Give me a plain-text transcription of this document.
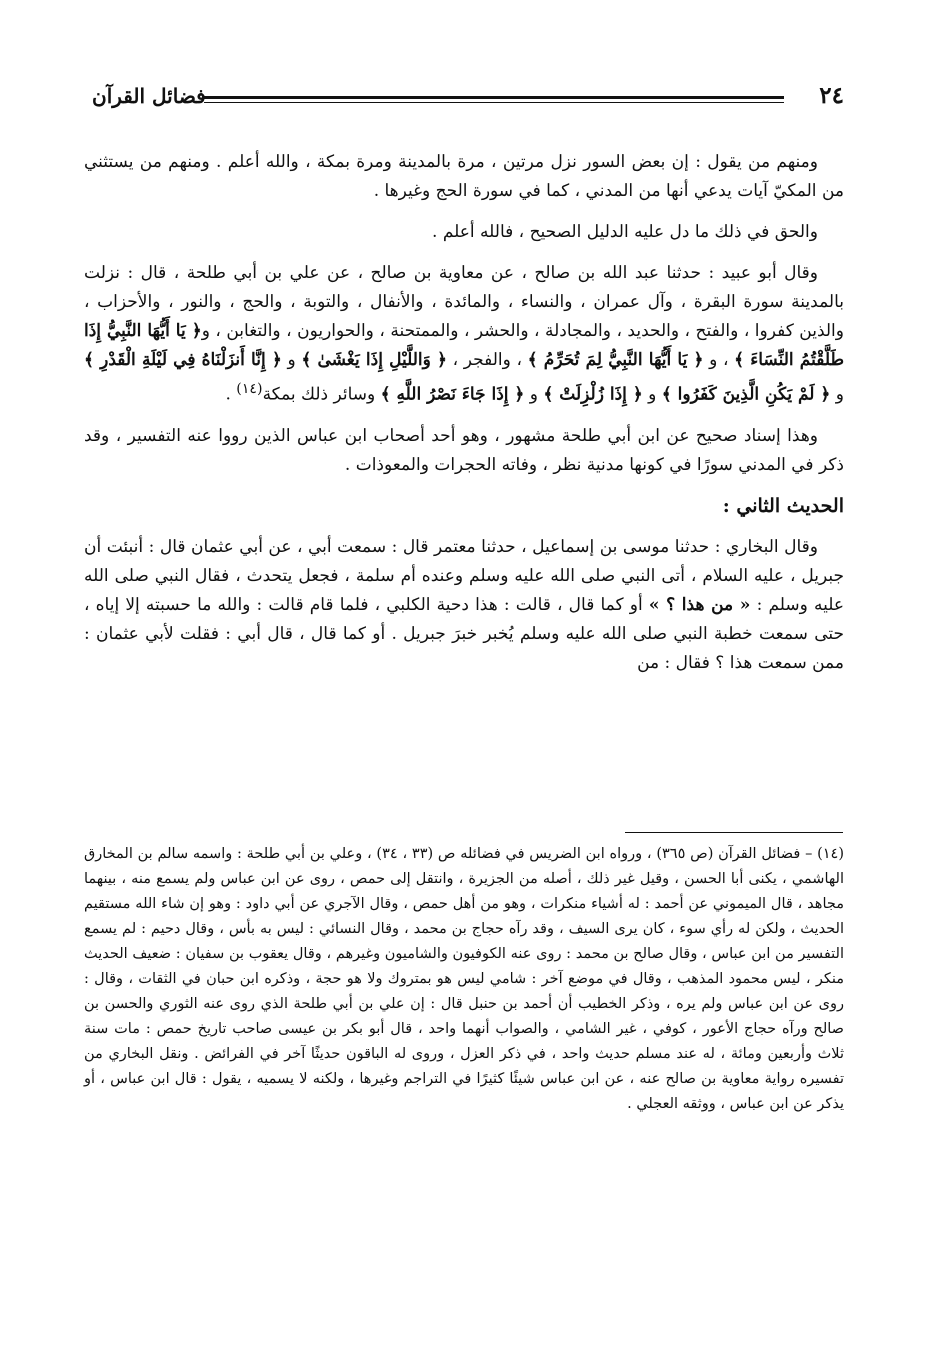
فضائل القرآن	٢٤

ومنهم من يقول : إن بعض السور نزل مرتين ، مرة بالمدينة ومرة بمكة ، والله أعلم . ومنهم من يستثني من المكيّ آيات يدعي أنها من المدني ، كما في سورة الحج وغيرها .

والحق في ذلك ما دل عليه الدليل الصحيح ، فالله أعلم .

وقال أبو عبيد : حدثنا عبد الله بن صالح ، عن معاوية بن صالح ، عن علي بن أبي طلحة ، قال : نزلت بالمدينة سورة البقرة ، وآل عمران ، والنساء ، والمائدة ، والأنفال ، والتوبة ، والحج ، والنور ، والأحزاب ، والذين كفروا ، والفتح ، والحديد ، والمجادلة ، والحشر ، والممتحنة ، والحواريون ، والتغابن ، و﴿ يَا أَيُّهَا النَّبِيُّ إِذَا طَلَّقْتُمُ النِّسَاءَ ﴾ ، و ﴿ يَا أَيُّهَا النَّبِيُّ لِمَ تُحَرِّمُ ﴾ ، والفجر ، ﴿ وَاللَّيْلِ إِذَا يَغْشَىٰ ﴾ و ﴿ إِنَّا أَنزَلْنَاهُ فِي لَيْلَةِ الْقَدْرِ ﴾ و ﴿ لَمْ يَكُنِ الَّذِينَ كَفَرُوا ﴾ و ﴿ إِذَا زُلْزِلَتْ ﴾ و ﴿ إِذَا جَاءَ نَصْرُ اللَّهِ ﴾ وسائر ذلك بمكة$^{(١٤)}$ .

وهذا إسناد صحيح عن ابن أبي طلحة مشهور ، وهو أحد أصحاب ابن عباس الذين رووا عنه التفسير ، وقد ذكر في المدني سورًا في كونها مدنية نظر ، وفاته الحجرات والمعوذات .

الحديث الثاني :

وقال البخاري : حدثنا موسى بن إسماعيل ، حدثنا معتمر قال : سمعت أبي ، عن أبي عثمان قال : أنبئت أن جبريل ، عليه السلام ، أتى النبي صلى الله عليه وسلم وعنده أم سلمة ، فجعل يتحدث ، فقال النبي صلى الله عليه وسلم : « من هذا ؟ » أو كما قال ، قالت : هذا دحية الكلبي ، فلما قام قالت : والله ما حسبته إلا إياه ، حتى سمعت خطبة النبي صلى الله عليه وسلم يُخبر خبرَ جبريل . أو كما قال ، قال أبي : فقلت لأبي عثمان : ممن سمعت هذا ؟ فقال : من

(١٤) – فضائل القرآن (ص ٣٦٥) ، ورواه ابن الضريس في فضائله ص (٣٣ ، ٣٤) ، وعلي بن أبي طلحة : واسمه سالم بن المخارق الهاشمي ، يكنى أبا الحسن ، وقيل غير ذلك ، أصله من الجزيرة ، وانتقل إلى حمص ، روى عن ابن عباس ولم يسمع منه ، بينهما مجاهد ، قال الميموني عن أحمد : له أشياء منكرات ، وهو من أهل حمص ، وقال الآجري عن أبي داود : وهو إن شاء الله مستقيم الحديث ، ولكن له رأي سوء ، كان يرى السيف ، وقد رآه حجاج بن محمد ، وقال النسائي : ليس به بأس ، وقال دحيم : لم يسمع التفسير من ابن عباس ، وقال صالح بن محمد : روى عنه الكوفيون والشاميون وغيرهم ، وقال يعقوب بن سفيان : ضعيف الحديث منكر ، ليس محمود المذهب ، وقال في موضع آخر : شامي ليس هو بمتروك ولا هو حجة ، وذكره ابن حبان في الثقات ، وقال : روى عن ابن عباس ولم يره ، وذكر الخطيب أن أحمد بن حنبل قال : إن علي بن أبي طلحة الذي روى عنه الثوري والحسن بن صالح ورآه حجاج الأعور ، كوفي ، غير الشامي ، والصواب أنهما واحد ، قال أبو بكر بن عيسى صاحب تاريخ حمص : مات سنة ثلاث وأربعين ومائة ، له عند مسلم حديث واحد ، في ذكر العزل ، وروى له الباقون حديثًا آخر في الفرائض . ونقل البخاري من تفسيره رواية معاوية بن صالح عنه ، عن ابن عباس شيئًا كثيرًا في التراجم وغيرها ، ولكنه لا يسميه ، يقول : قال ابن عباس ، أو يذكر عن ابن عباس ، ووثقه العجلي .
